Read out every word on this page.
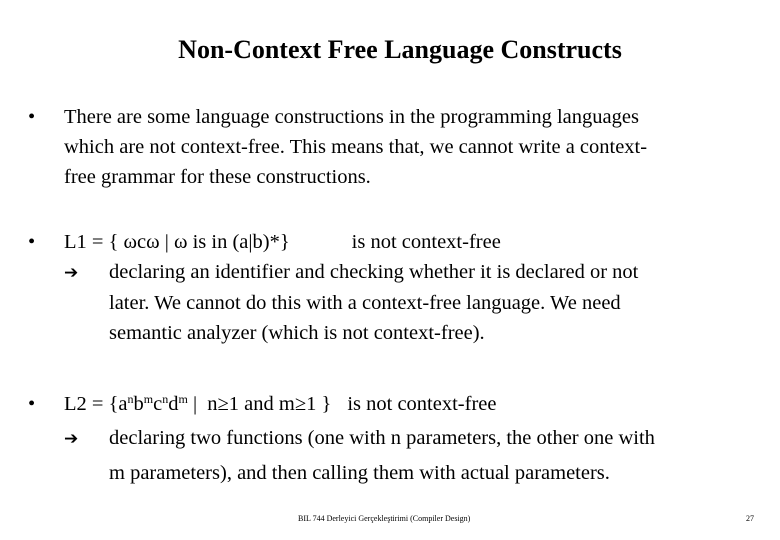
Non-Context Free Language Constructs
• There are some language constructions in the programming languages
which are not context-free. This means that, we cannot write a context-
free grammar for these constructions.
• L1 = { ωcω | ω is in (a|b)*}	is not context-free
➔ declaring an identifier and checking whether it is declared or not
later. We cannot do this with a context-free language. We need
semantic analyzer (which is not context-free).
• $L2 = \{a^nb^mc^nd^m$ |  n≥1 and m≥1 } is not context-free
➔ declaring two functions (one with n parameters, the other one with
m parameters), and then calling them with actual parameters.
BIL 744 Derleyici Gerçekleştirimi (Compiler Design)	27
